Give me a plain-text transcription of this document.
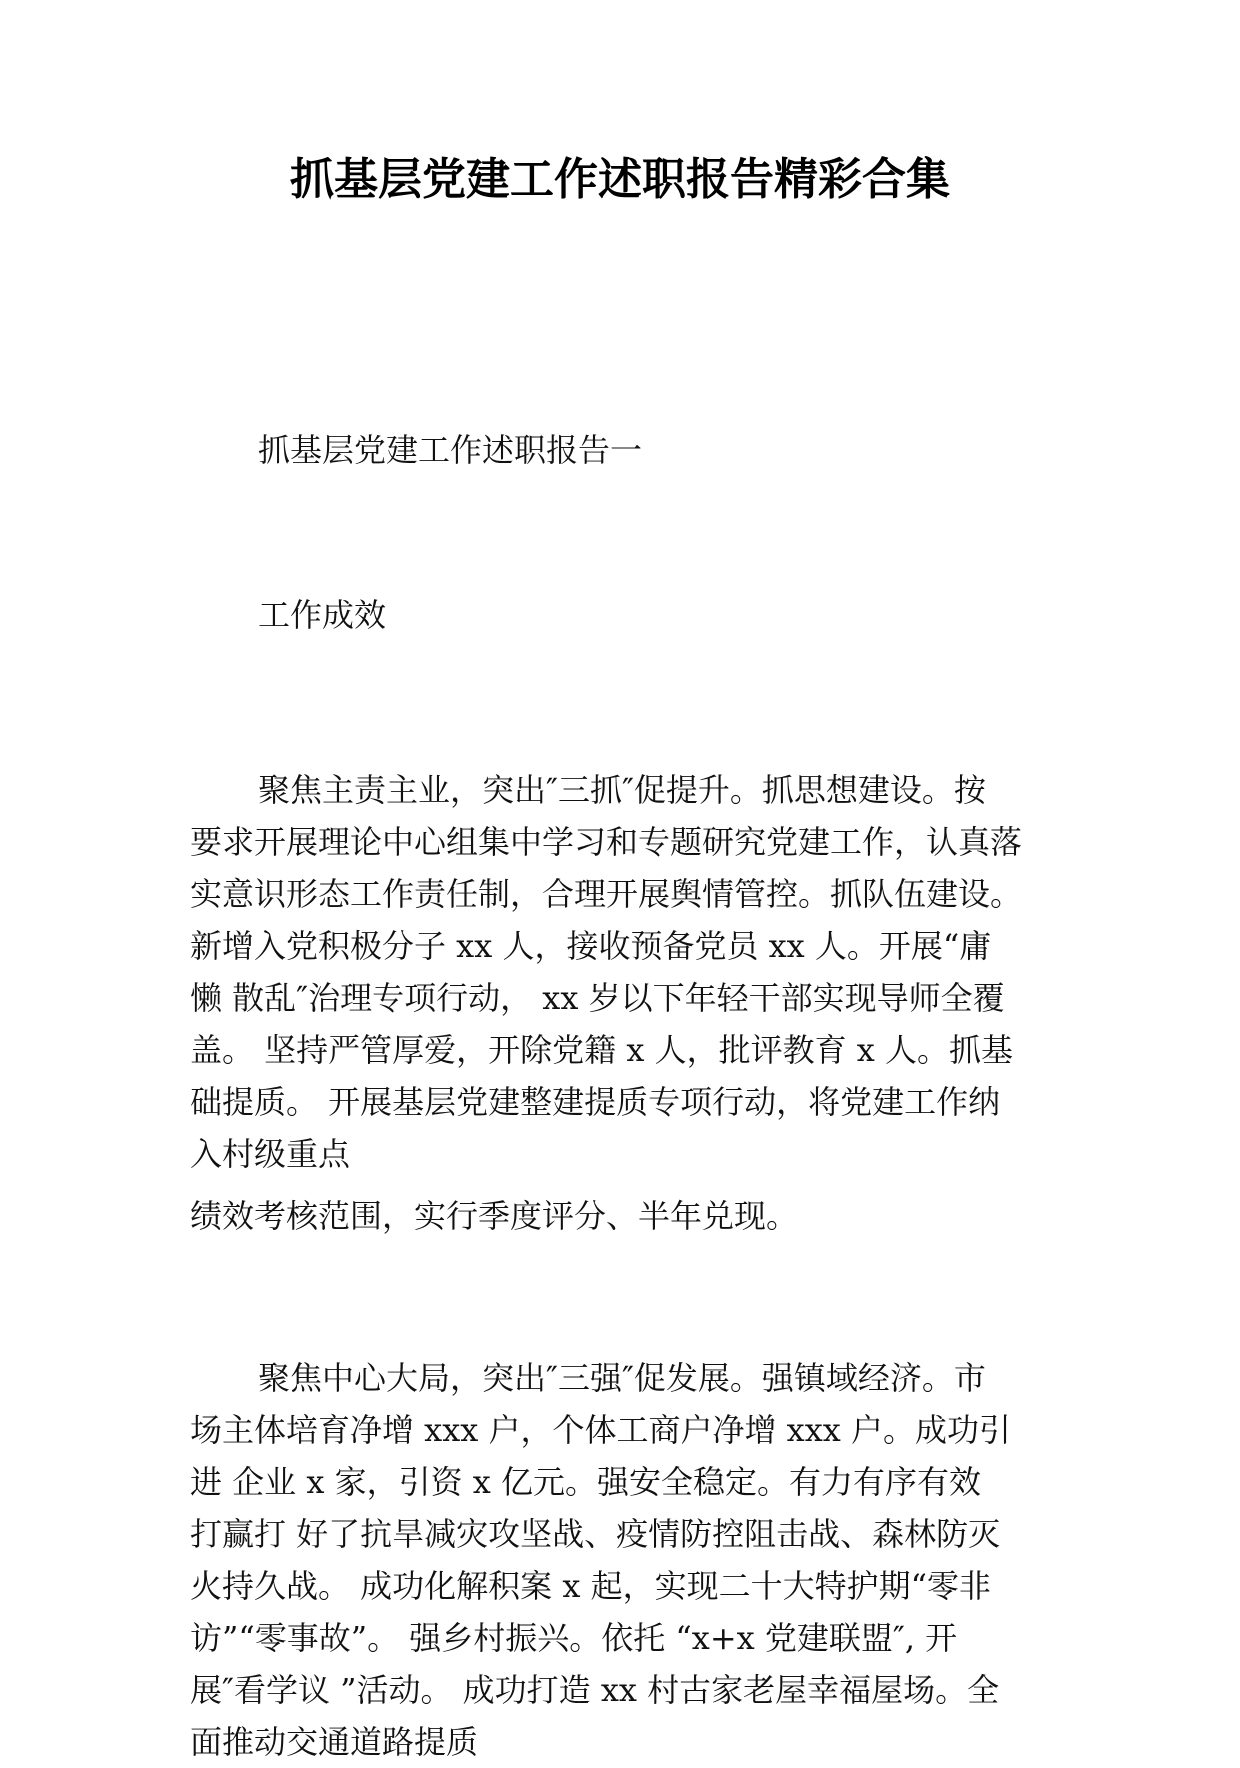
抓基层党建工作述职报告精彩合集
抓基层党建工作述职报告一
工作成效
聚焦主责主业，突出″三抓″促提升。抓思想建设。按
要求开展理论中心组集中学习和专题研究党建工作，认真落
实意识形态工作责任制，合理开展舆情管控。抓队伍建设。
新增入党积极分子 xx 人，接收预备党员 xx 人。开展“庸
懒 散乱″治理专项行动， xx 岁以下年轻干部实现导师全覆
盖。 坚持严管厚爱，开除党籍 x 人，批评教育 x 人。抓基
础提质。 开展基层党建整建提质专项行动，将党建工作纳
入村级重点
绩效考核范围，实行季度评分、半年兑现。
聚焦中心大局，突出″三强″促发展。强镇域经济。市
场主体培育净增 xxx 户，个体工商户净增 xxx 户。成功引
进 企业 x 家，引资 x 亿元。强安全稳定。有力有序有效
打赢打 好了抗旱减灾攻坚战、疫情防控阻击战、森林防灭
火持久战。 成功化解积案 x 起，实现二十大特护期“零非
访”“零事故”。 强乡村振兴。依托 “x+x 党建联盟″, 开
展″看学议 ”活动。 成功打造 xx 村古家老屋幸福屋场。全
面推动交通道路提质
